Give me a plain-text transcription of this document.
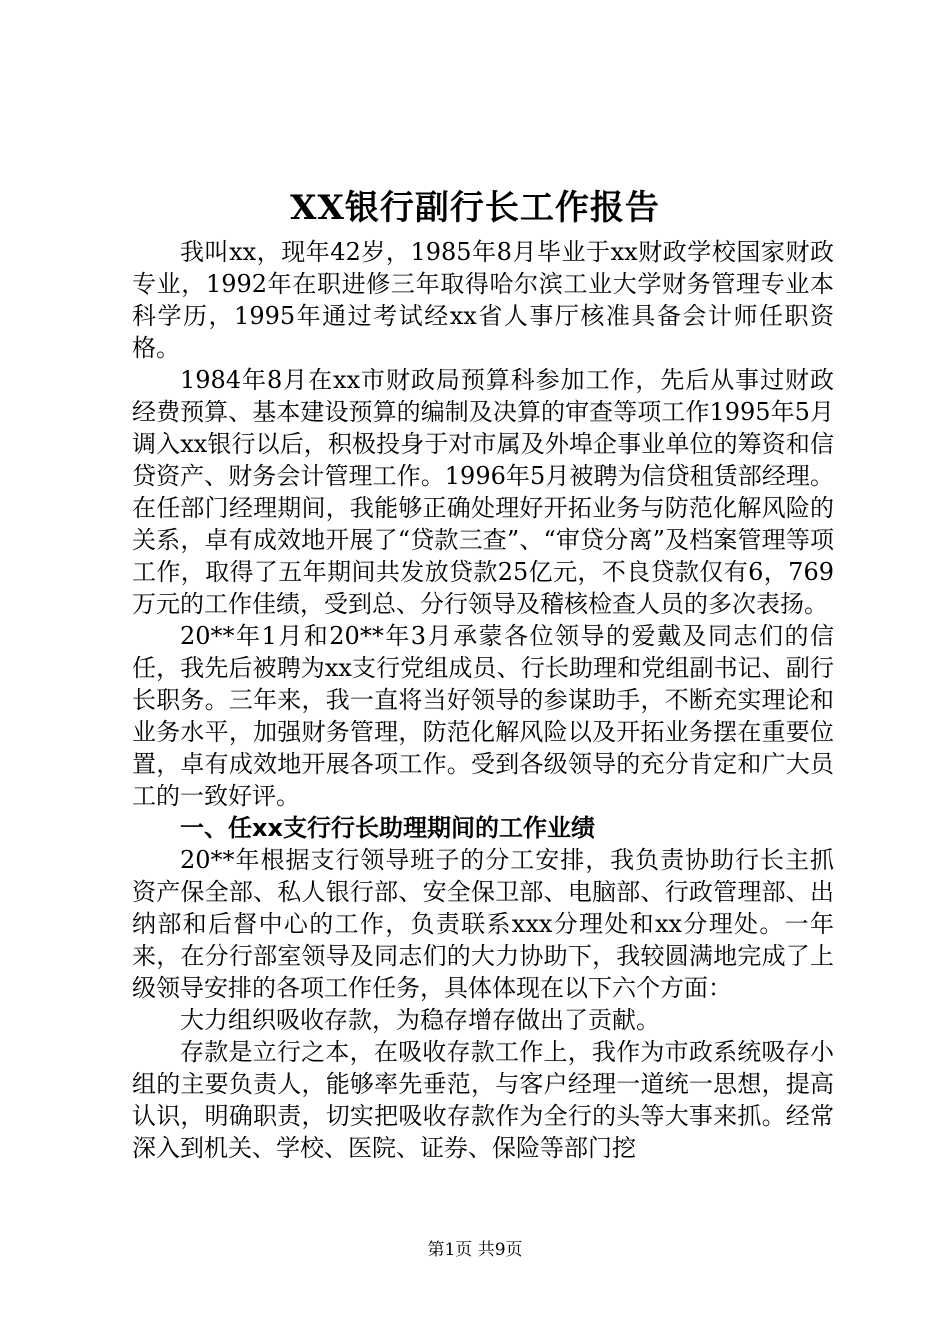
XX银行副行长工作报告

我叫xx，现年42岁，1985年8月毕业于xx财政学校国家财政专业，1992年在职进修三年取得哈尔滨工业大学财务管理专业本科学历，1995年通过考试经xx省人事厅核准具备会计师任职资格。

1984年8月在xx市财政局预算科参加工作，先后从事过财政经费预算、基本建设预算的编制及决算的审查等项工作1995年5月调入xx银行以后，积极投身于对市属及外埠企事业单位的筹资和信贷资产、财务会计管理工作。1996年5月被聘为信贷租赁部经理。在任部门经理期间，我能够正确处理好开拓业务与防范化解风险的关系，卓有成效地开展了“贷款三查”、“审贷分离”及档案管理等项工作，取得了五年期间共发放贷款25亿元，不良贷款仅有6，769万元的工作佳绩，受到总、分行领导及稽核检查人员的多次表扬。

20**年1月和20**年3月承蒙各位领导的爱戴及同志们的信任，我先后被聘为xx支行党组成员、行长助理和党组副书记、副行长职务。三年来，我一直将当好领导的参谋助手，不断充实理论和业务水平，加强财务管理，防范化解风险以及开拓业务摆在重要位置，卓有成效地开展各项工作。受到各级领导的充分肯定和广大员工的一致好评。

一、任xx支行行长助理期间的工作业绩

20**年根据支行领导班子的分工安排，我负责协助行长主抓资产保全部、私人银行部、安全保卫部、电脑部、行政管理部、出纳部和后督中心的工作，负责联系xxx分理处和xx分理处。一年来，在分行部室领导及同志们的大力协助下，我较圆满地完成了上级领导安排的各项工作任务，具体体现在以下六个方面：

大力组织吸收存款，为稳存增存做出了贡献。

存款是立行之本，在吸收存款工作上，我作为市政系统吸存小组的主要负责人，能够率先垂范，与客户经理一道统一思想，提高认识，明确职责，切实把吸收存款作为全行的头等大事来抓。经常深入到机关、学校、医院、证券、保险等部门挖

第1页 共9页
